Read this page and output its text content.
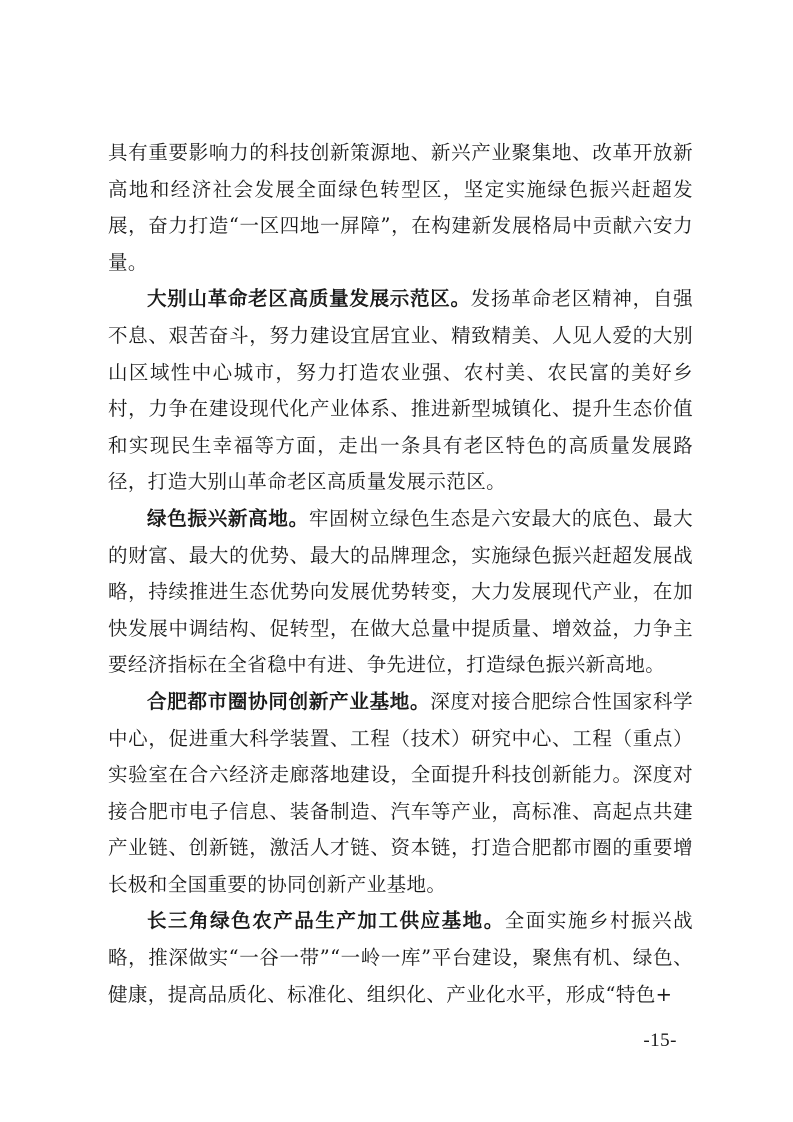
具有重要影响力的科技创新策源地、新兴产业聚集地、改革开放新高地和经济社会发展全面绿色转型区，坚定实施绿色振兴赶超发展，奋力打造“一区四地一屏障”，在构建新发展格局中贡献六安力量。

大别山革命老区高质量发展示范区。发扬革命老区精神，自强不息、艰苦奋斗，努力建设宜居宜业、精致精美、人见人爱的大别山区域性中心城市，努力打造农业强、农村美、农民富的美好乡村，力争在建设现代化产业体系、推进新型城镇化、提升生态价值和实现民生幸福等方面，走出一条具有老区特色的高质量发展路径，打造大别山革命老区高质量发展示范区。

绿色振兴新高地。牢固树立绿色生态是六安最大的底色、最大的财富、最大的优势、最大的品牌理念，实施绿色振兴赶超发展战略，持续推进生态优势向发展优势转变，大力发展现代产业，在加快发展中调结构、促转型，在做大总量中提质量、增效益，力争主要经济指标在全省稳中有进、争先进位，打造绿色振兴新高地。

合肥都市圈协同创新产业基地。深度对接合肥综合性国家科学中心，促进重大科学装置、工程（技术）研究中心、工程（重点）实验室在合六经济走廊落地建设，全面提升科技创新能力。深度对接合肥市电子信息、装备制造、汽车等产业，高标准、高起点共建产业链、创新链，激活人才链、资本链，打造合肥都市圈的重要增长极和全国重要的协同创新产业基地。

长三角绿色农产品生产加工供应基地。全面实施乡村振兴战略，推深做实“一谷一带”“一岭一库”平台建设，聚焦有机、绿色、健康，提高品质化、标准化、组织化、产业化水平，形成“特色+

-15-
